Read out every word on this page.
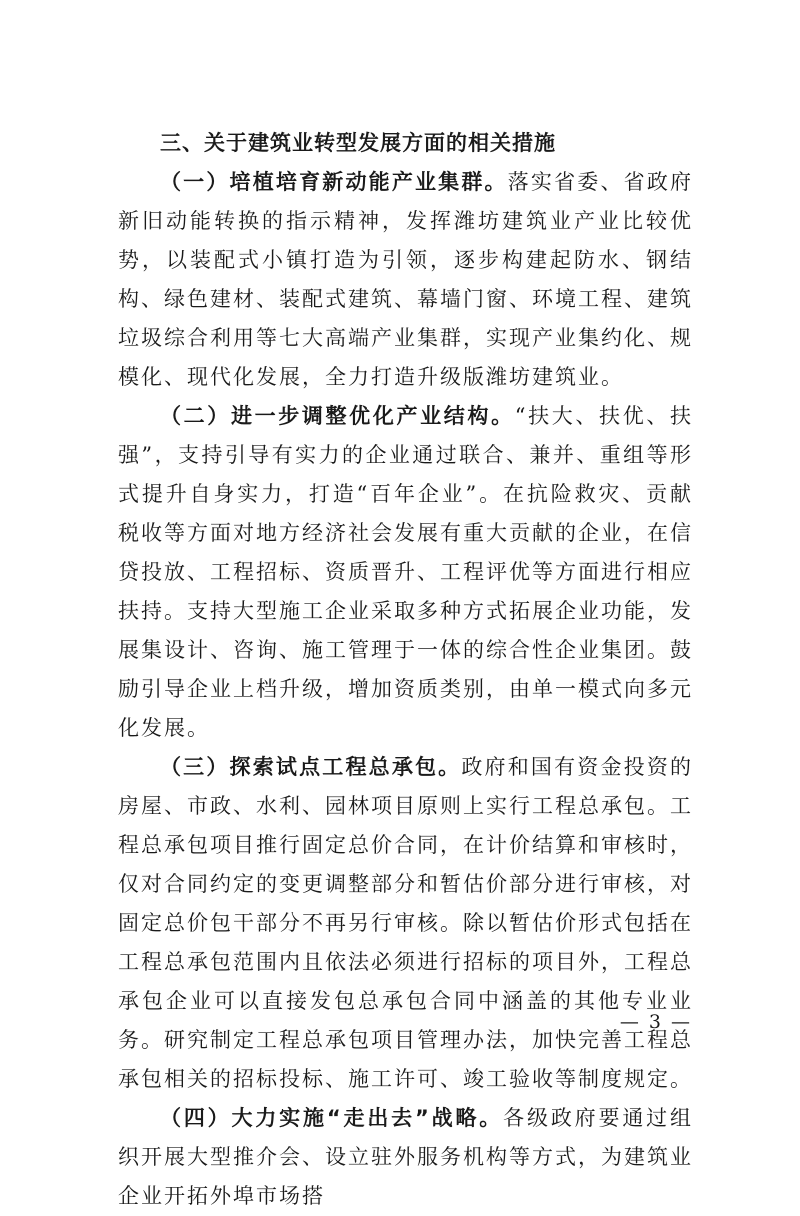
三、关于建筑业转型发展方面的相关措施

（一）培植培育新动能产业集群。落实省委、省政府新旧动能转换的指示精神，发挥潍坊建筑业产业比较优势，以装配式小镇打造为引领，逐步构建起防水、钢结构、绿色建材、装配式建筑、幕墙门窗、环境工程、建筑垃圾综合利用等七大高端产业集群，实现产业集约化、规模化、现代化发展，全力打造升级版潍坊建筑业。

（二）进一步调整优化产业结构。“扶大、扶优、扶强”，支持引导有实力的企业通过联合、兼并、重组等形式提升自身实力，打造“百年企业”。在抗险救灾、贡献税收等方面对地方经济社会发展有重大贡献的企业，在信贷投放、工程招标、资质晋升、工程评优等方面进行相应扶持。支持大型施工企业采取多种方式拓展企业功能，发展集设计、咨询、施工管理于一体的综合性企业集团。鼓励引导企业上档升级，增加资质类别，由单一模式向多元化发展。

（三）探索试点工程总承包。政府和国有资金投资的房屋、市政、水利、园林项目原则上实行工程总承包。工程总承包项目推行固定总价合同，在计价结算和审核时，仅对合同约定的变更调整部分和暂估价部分进行审核，对固定总价包干部分不再另行审核。除以暂估价形式包括在工程总承包范围内且依法必须进行招标的项目外，工程总承包企业可以直接发包总承包合同中涵盖的其他专业业务。研究制定工程总承包项目管理办法，加快完善工程总承包相关的招标投标、施工许可、竣工验收等制度规定。

（四）大力实施“走出去”战略。各级政府要通过组织开展大型推介会、设立驻外服务机构等方式，为建筑业企业开拓外埠市场搭

— 3 —
